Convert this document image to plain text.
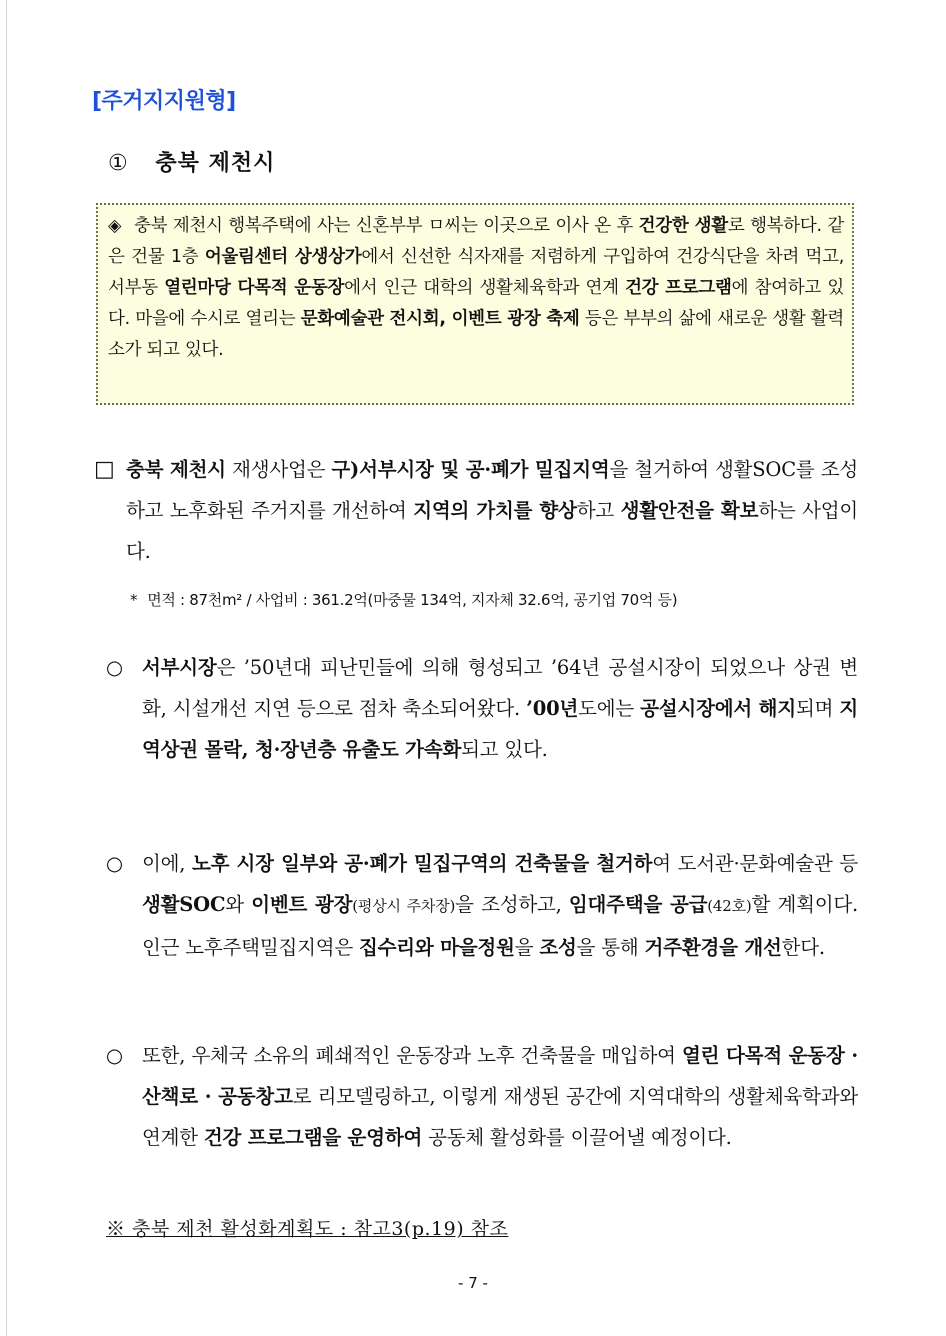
[주거지지원형]
① 충북 제천시

◈ 충북 제천시 행복주택에 사는 신혼부부 ㅁ씨는 이곳으로 이사 온 후 건강한 생활로 행복하다. 같은 건물 1층 어울림센터 상생상가에서 신선한 식자재를 저렴하게 구입하여 건강식단을 차려 먹고, 서부동 열린마당 다목적 운동장에서 인근 대학의 생활체육학과 연계 건강 프로그램에 참여하고 있다. 마을에 수시로 열리는 문화예술관 전시회, 이벤트 광장 축제 등은 부부의 삶에 새로운 생활 활력소가 되고 있다.

□ 충북 제천시 재생사업은 구)서부시장 및 공·폐가 밀집지역을 철거하여 생활SOC를 조성하고 노후화된 주거지를 개선하여 지역의 가치를 향상하고 생활안전을 확보하는 사업이다.
* 면적 : 87천m² / 사업비 : 361.2억(마중물 134억, 지자체 32.6억, 공기업 70억 등)
○ 서부시장은 ’50년대 피난민들에 의해 형성되고 ’64년 공설시장이 되었으나 상권 변화, 시설개선 지연 등으로 점차 축소되어왔다. ’00년도에는 공설시장에서 해지되며 지역상권 몰락, 청·장년층 유출도 가속화되고 있다.
○ 이에, 노후 시장 일부와 공·폐가 밀집구역의 건축물을 철거하여 도서관·문화예술관 등 생활SOC와 이벤트 광장(평상시 주차장)을 조성하고, 임대주택을 공급(42호)할 계획이다. 인근 노후주택밀집지역은 집수리와 마을정원을 조성을 통해 거주환경을 개선한다.
○ 또한, 우체국 소유의 폐쇄적인 운동장과 노후 건축물을 매입하여 열린 다목적 운동장 · 산책로 · 공동창고로 리모델링하고, 이렇게 재생된 공간에 지역대학의 생활체육학과와 연계한 건강 프로그램을 운영하여 공동체 활성화를 이끌어낼 예정이다.
※ 충북 제천 활성화계획도 : 참고3(p.19) 참조
- 7 -
